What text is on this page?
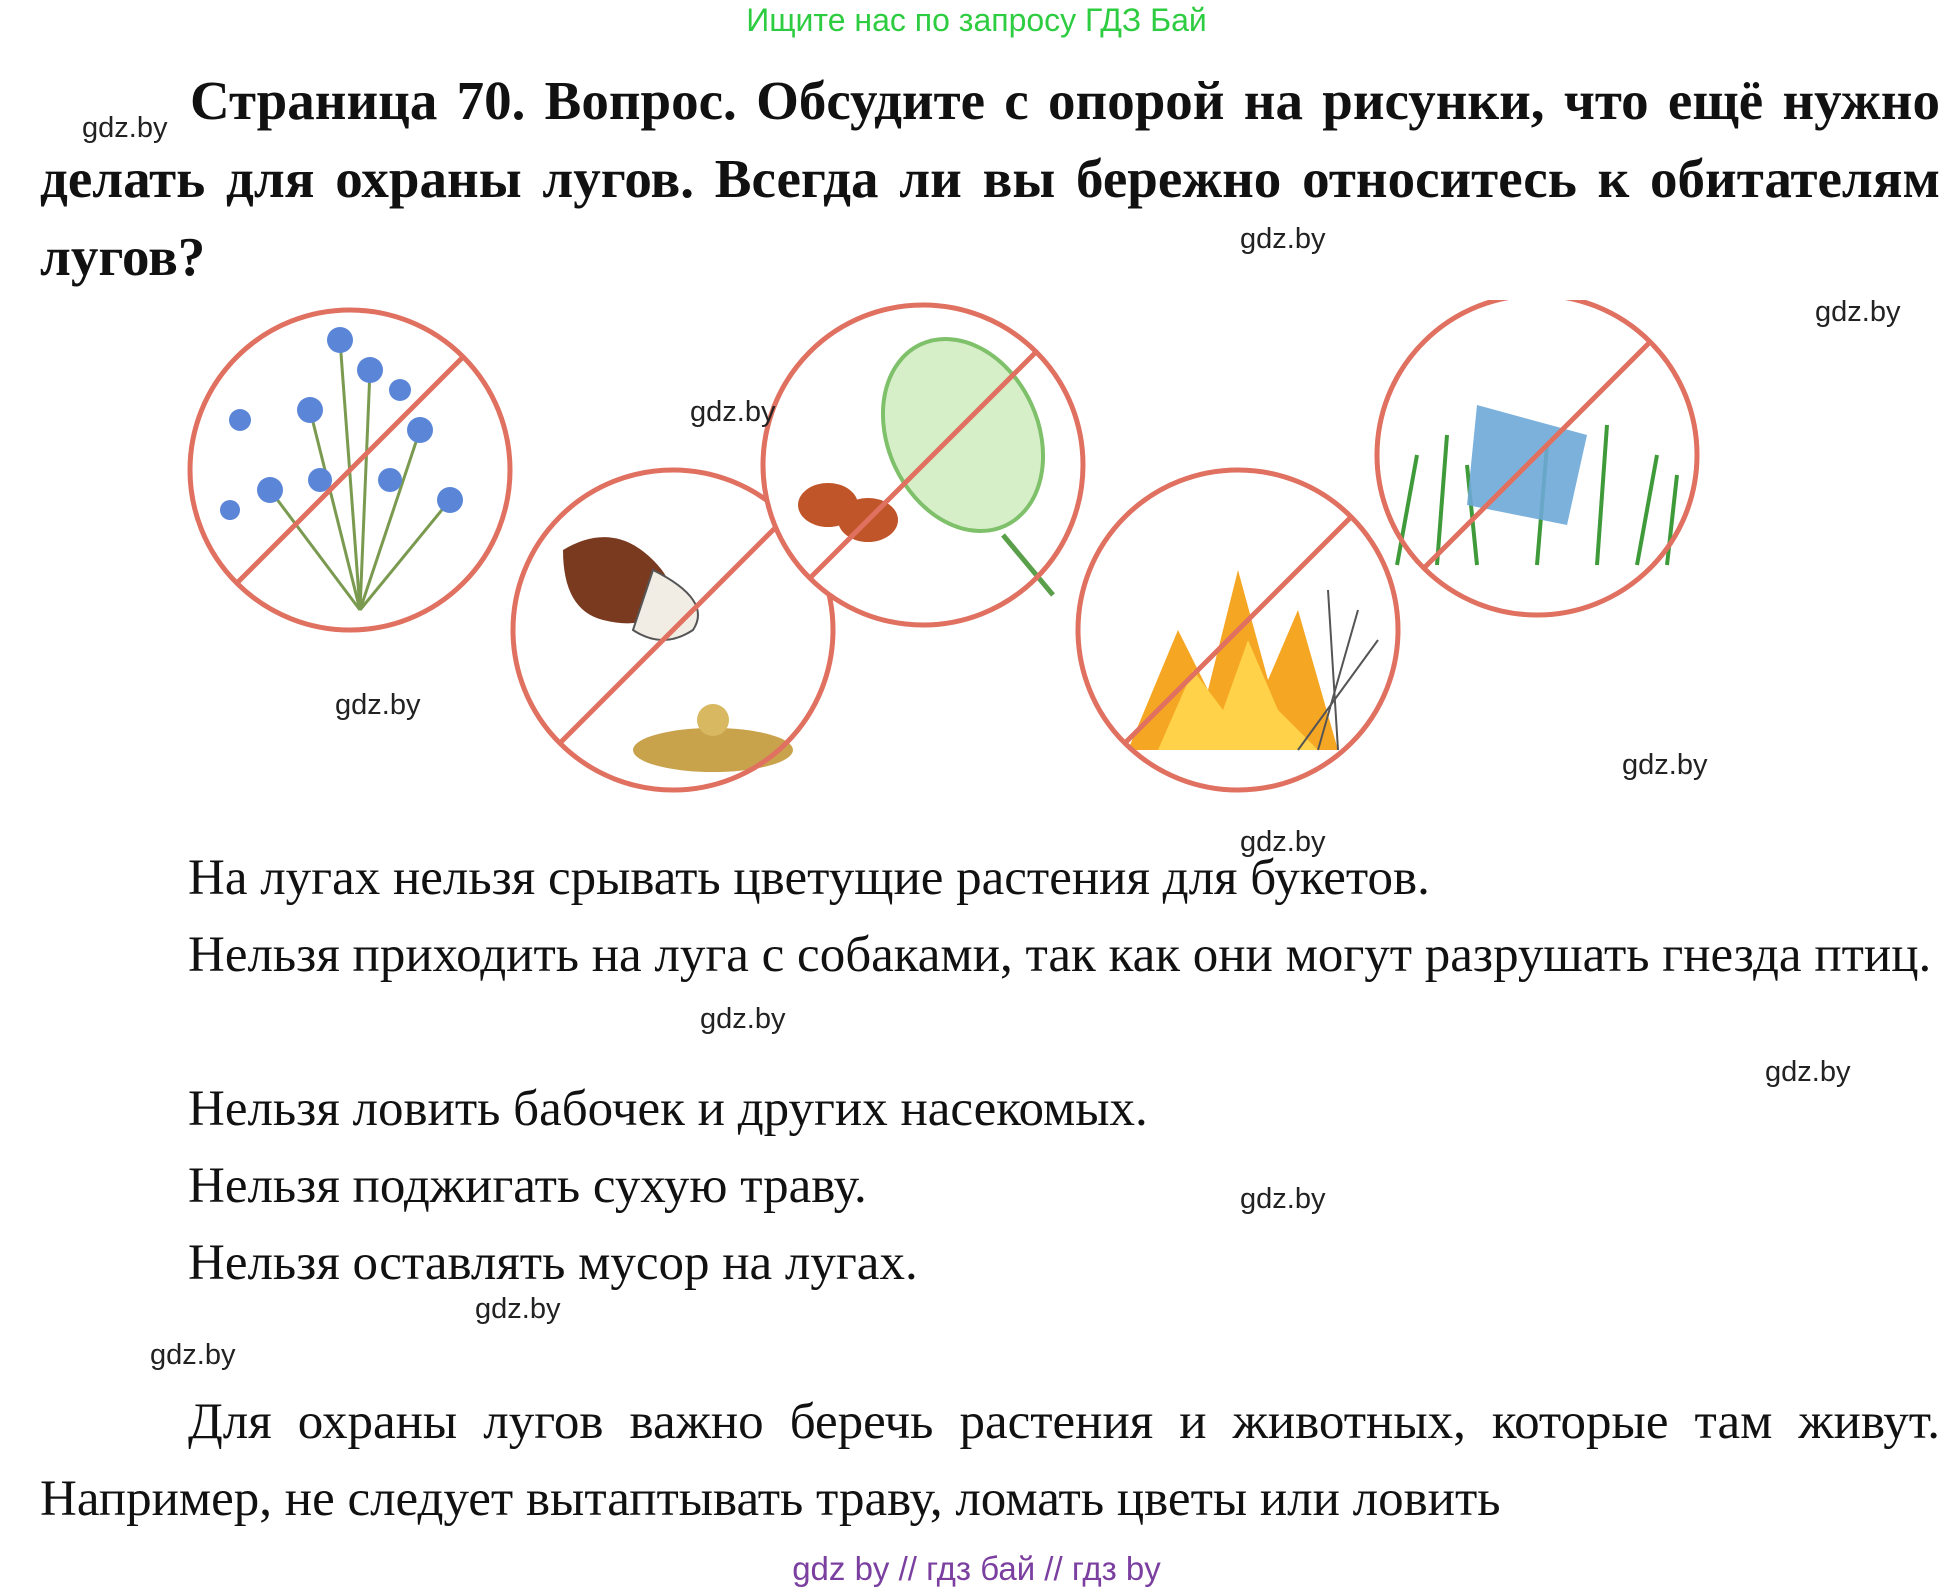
Ищите нас по запросу ГДЗ Бай

Страница 70. Вопрос. Обсудите с опорой на рисунки, что ещё нужно делать для охраны лугов. Всегда ли вы бережно относитесь к обитателям лугов?

На лугах нельзя срывать цветущие растения для букетов.

Нельзя приходить на луга с собаками, так как они могут разрушать гнезда птиц.

Нельзя ловить бабочек и других насекомых.

Нельзя поджигать сухую траву.

Нельзя оставлять мусор на лугах.

Для охраны лугов важно беречь растения и животных, которые там живут. Например, не следует вытаптывать траву, ломать цветы или ловить

gdz.by
gdz.by
gdz.by
gdz.by
gdz.by
gdz.by
gdz.by
gdz.by
gdz.by
gdz.by
gdz.by
gdz.by
gdz by // гдз бай // гдз by
